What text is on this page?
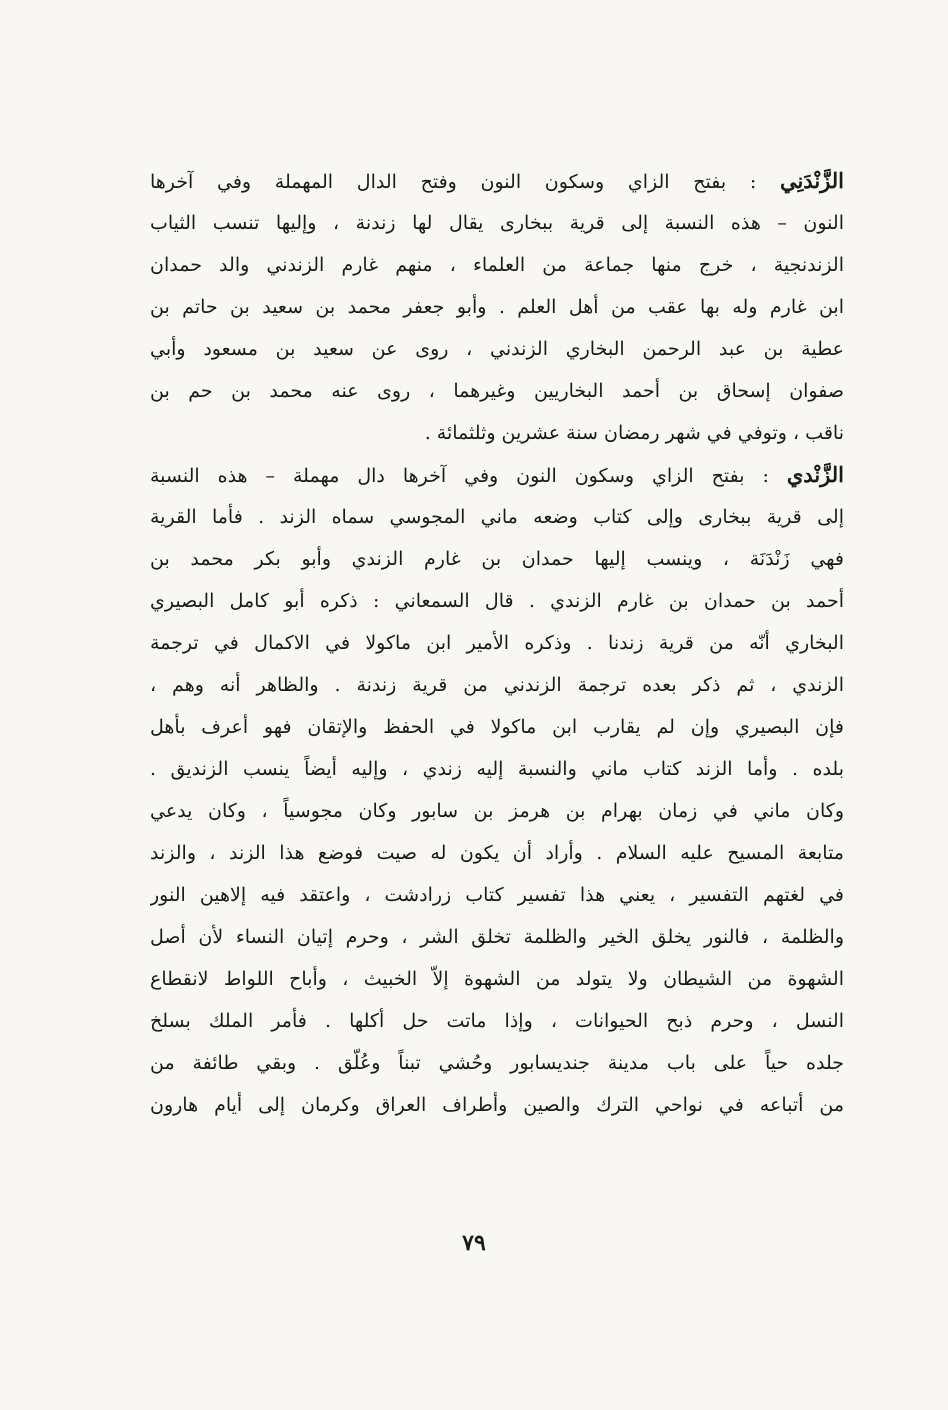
الزَّنْدَنِي : بفتح الزاي وسكون النون وفتح الدال المهملة وفي آخرها
النون – هذه النسبة إلى قرية ببخارى يقال لها زندنة ، وإليها تنسب الثياب
الزندنجية ، خرج منها جماعة من العلماء ، منهم غارم الزندني والد حمدان
ابن غارم وله بها عقب من أهل العلم . وأبو جعفر محمد بن سعيد بن حاتم بن
عطية بن عبد الرحمن البخاري الزندني ، روى عن سعيد بن مسعود وأبي
صفوان إسحاق بن أحمد البخاريين وغيرهما ، روى عنه محمد بن حم بن
ناقب ، وتوفي في شهر رمضان سنة عشرين وثلثمائة .
الزَّنْدي : بفتح الزاي وسكون النون وفي آخرها دال مهملة – هذه النسبة
إلى قرية ببخارى وإلى كتاب وضعه ماني المجوسي سماه الزند . فأما القرية
فهي زَنْدَنَة ، وينسب إليها حمدان بن غارم الزندي وأبو بكر محمد بن
أحمد بن حمدان بن غارم الزندي . قال السمعاني : ذكره أبو كامل البصيري
البخاري أنّه من قرية زندنا . وذكره الأمير ابن ماكولا في الاكمال في ترجمة
الزندي ، ثم ذكر بعده ترجمة الزندني من قرية زندنة . والظاهر أنه وهم ،
فإن البصيري وإن لم يقارب ابن ماكولا في الحفظ والإتقان فهو أعرف بأهل
بلده . وأما الزند كتاب ماني والنسبة إليه زندي ، وإليه أيضاً ينسب الزنديق .
وكان ماني في زمان بهرام بن هرمز بن سابور وكان مجوسياً ، وكان يدعي
متابعة المسيح عليه السلام . وأراد أن يكون له صيت فوضع هذا الزند ، والزند
في لغتهم التفسير ، يعني هذا تفسير كتاب زرادشت ، واعتقد فيه إلاهين النور
والظلمة ، فالنور يخلق الخير والظلمة تخلق الشر ، وحرم إتيان النساء لأن أصل
الشهوة من الشيطان ولا يتولد من الشهوة إلاّ الخبيث ، وأباح اللواط لانقطاع
النسل ، وحرم ذبح الحيوانات ، وإذا ماتت حل أكلها . فأمر الملك بسلخ
جلده حياً على باب مدينة جنديسابور وحُشي تبناً وعُلّق . وبقي طائفة من
من أتباعه في نواحي الترك والصين وأطراف العراق وكرمان إلى أيام هارون
٧٩
